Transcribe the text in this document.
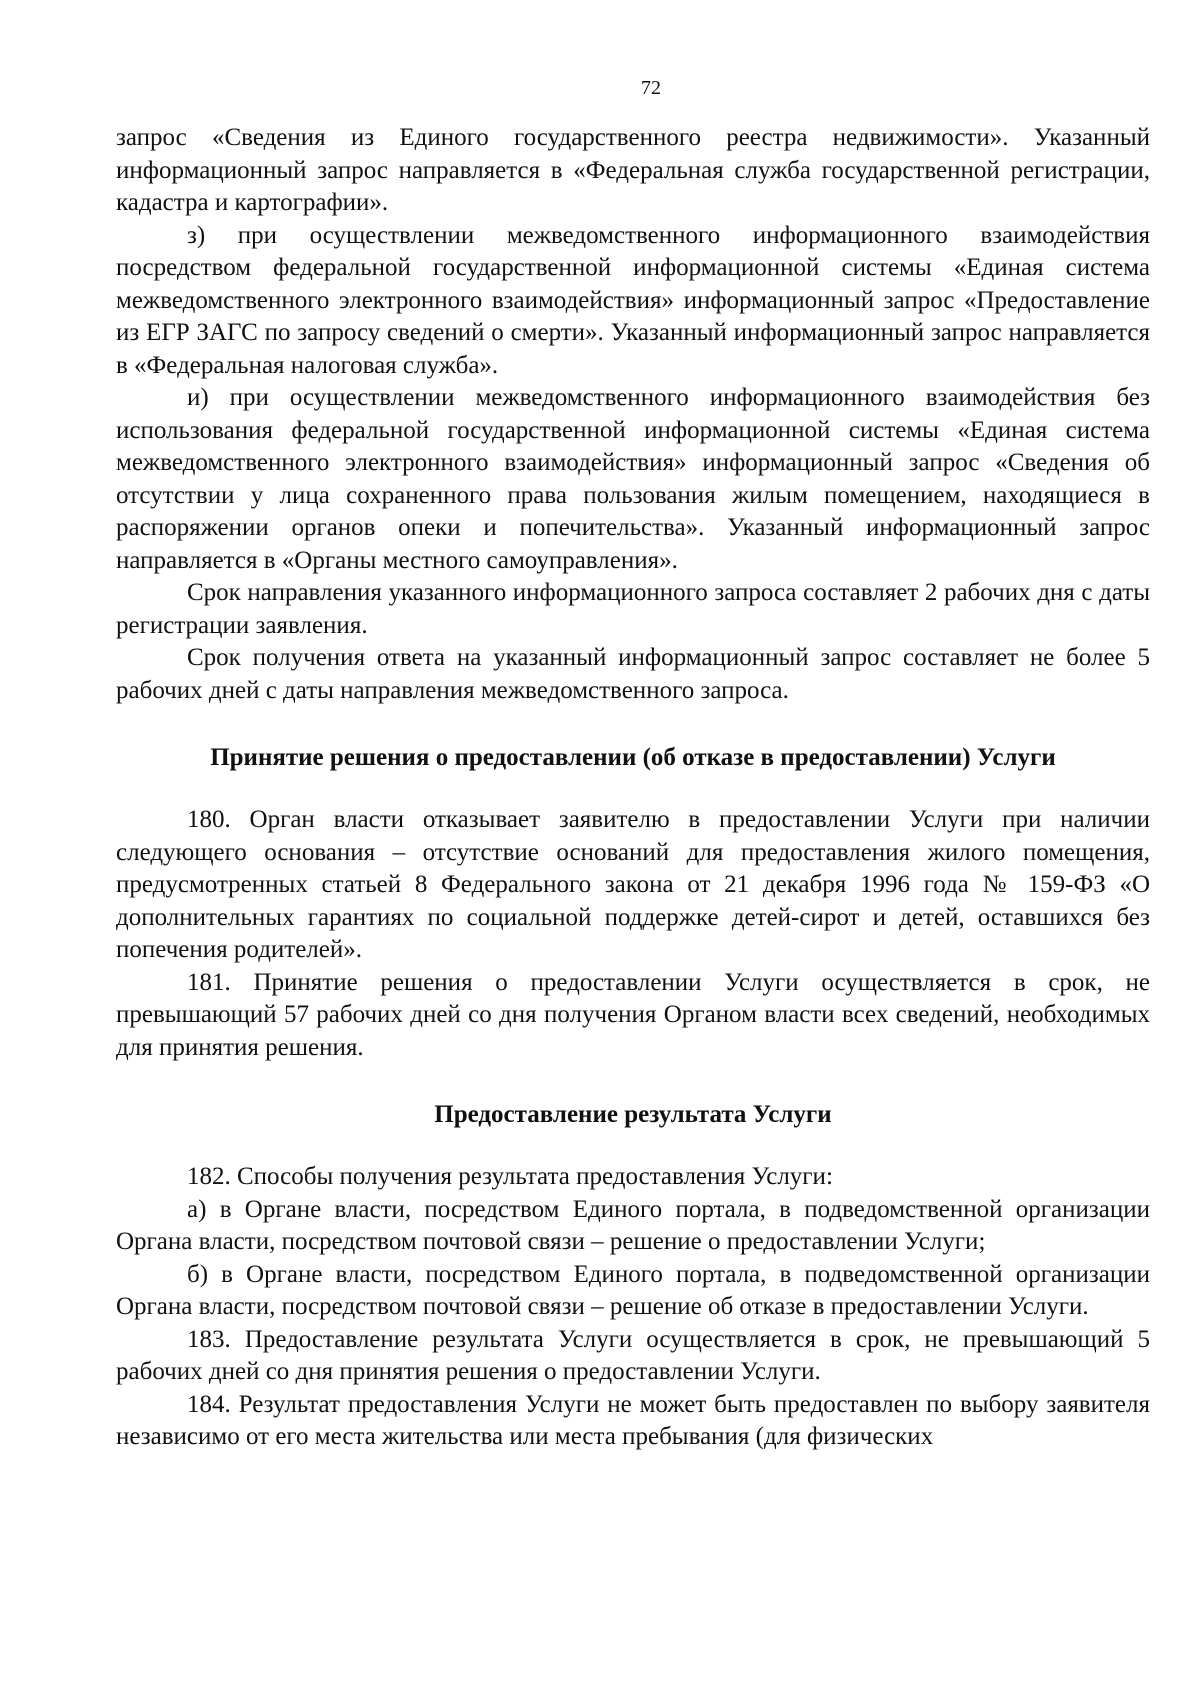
72

запрос «Сведения из Единого государственного реестра недвижимости». Указанный информационный запрос направляется в «Федеральная служба государственной регистрации, кадастра и картографии».

з) при осуществлении межведомственного информационного взаимодействия посредством федеральной государственной информационной системы «Единая система межведомственного электронного взаимодействия» информационный запрос «Предоставление из ЕГР ЗАГС по запросу сведений о смерти». Указанный информационный запрос направляется в «Федеральная налоговая служба».

и) при осуществлении межведомственного информационного взаимодействия без использования федеральной государственной информационной системы «Единая система межведомственного электронного взаимодействия» информационный запрос «Сведения об отсутствии у лица сохраненного права пользования жилым помещением, находящиеся в распоряжении органов опеки и попечительства». Указанный информационный запрос направляется в «Органы местного самоуправления».

Срок направления указанного информационного запроса составляет 2 рабочих дня с даты регистрации заявления.

Срок получения ответа на указанный информационный запрос составляет не более 5 рабочих дней с даты направления межведомственного запроса.

Принятие решения о предоставлении (об отказе в предоставлении) Услуги

180. Орган власти отказывает заявителю в предоставлении Услуги при наличии следующего основания – отсутствие оснований для предоставления жилого помещения, предусмотренных статьей 8 Федерального закона от 21 декабря 1996 года № 159-ФЗ «О дополнительных гарантиях по социальной поддержке детей-сирот и детей, оставшихся без попечения родителей».

181. Принятие решения о предоставлении Услуги осуществляется в срок, не превышающий 57 рабочих дней со дня получения Органом власти всех сведений, необходимых для принятия решения.

Предоставление результата Услуги

182. Способы получения результата предоставления Услуги:

а) в Органе власти, посредством Единого портала, в подведомственной организации Органа власти, посредством почтовой связи – решение о предоставлении Услуги;

б) в Органе власти, посредством Единого портала, в подведомственной организации Органа власти, посредством почтовой связи – решение об отказе в предоставлении Услуги.

183. Предоставление результата Услуги осуществляется в срок, не превышающий 5 рабочих дней со дня принятия решения о предоставлении Услуги.

184. Результат предоставления Услуги не может быть предоставлен по выбору заявителя независимо от его места жительства или места пребывания (для физических
